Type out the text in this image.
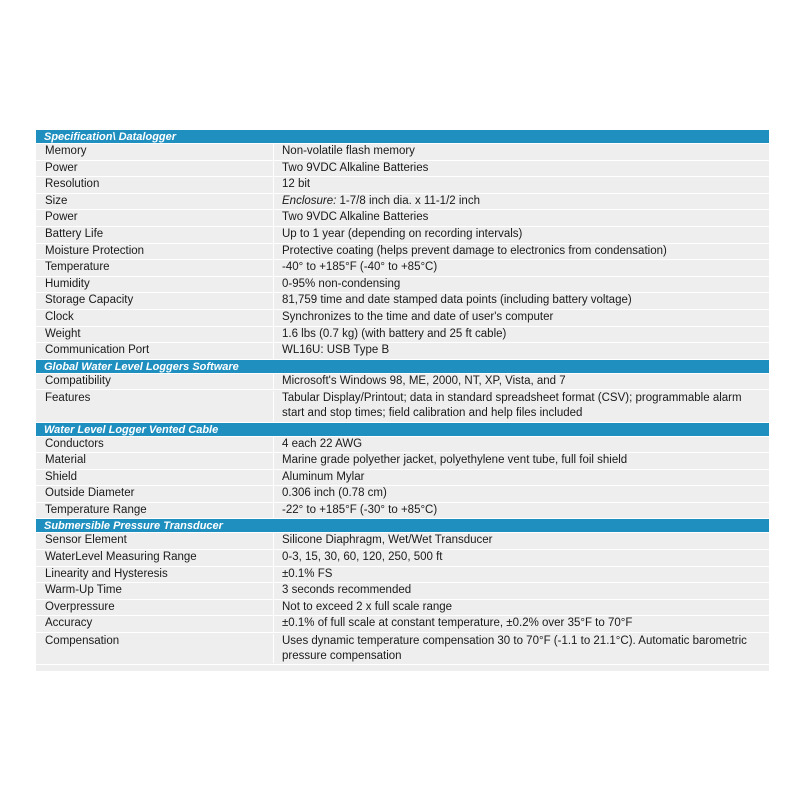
Specification\ Datalogger
Memory	Non-volatile flash memory
Power	Two 9VDC Alkaline Batteries
Resolution	12 bit
Size	Enclosure: 1-7/8 inch dia. x 11-1/2 inch
Power	Two 9VDC Alkaline Batteries
Battery Life	Up to 1 year (depending on recording intervals)
Moisture Protection	Protective coating (helps prevent damage to electronics from condensation)
Temperature	-40° to +185°F (-40° to +85°C)
Humidity	0-95% non-condensing
Storage Capacity	81,759 time and date stamped data points (including battery voltage)
Clock	Synchronizes to the time and date of user's computer
Weight	1.6 lbs (0.7 kg) (with battery and 25 ft cable)
Communication Port	WL16U: USB Type B
Global Water Level Loggers Software
Compatibility	Microsoft's Windows 98, ME, 2000, NT, XP, Vista, and 7
Features	Tabular Display/Printout; data in standard spreadsheet format (CSV); programmable alarm start and stop times; field calibration and help files included
Water Level Logger Vented Cable
Conductors	4 each 22 AWG
Material	Marine grade polyether jacket, polyethylene vent tube, full foil shield
Shield	Aluminum Mylar
Outside Diameter	0.306 inch (0.78 cm)
Temperature Range	-22° to +185°F (-30° to +85°C)
Submersible Pressure Transducer
Sensor Element	Silicone Diaphragm, Wet/Wet Transducer
WaterLevel Measuring Range	0-3, 15, 30, 60, 120, 250, 500 ft
Linearity and Hysteresis	±0.1% FS
Warm-Up Time	3 seconds recommended
Overpressure	Not to exceed 2 x full scale range
Accuracy	±0.1% of full scale at constant temperature, ±0.2% over 35°F to 70°F
Compensation	Uses dynamic temperature compensation 30 to 70°F (-1.1 to 21.1°C). Automatic barometric pressure compensation
